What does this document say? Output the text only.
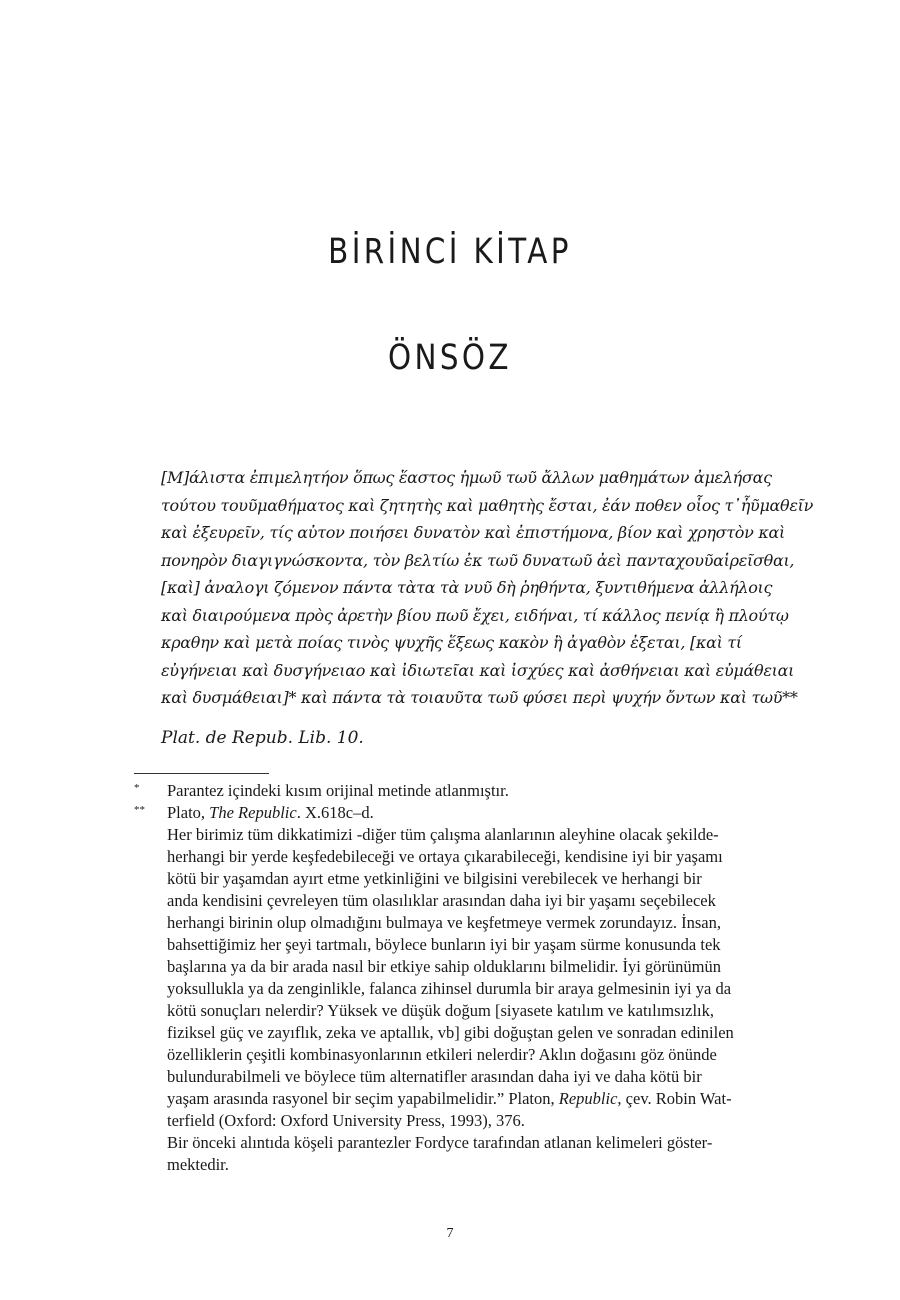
BİRİNCİ KİTAP
ÖNSÖZ
[Μ]άλιστα ἐπιμελητήον ὅπως ἕαστος ἡμωῦ τωῦ ἄλλων μαθημάτων ἀμελήσας
τούτου τουῦμαθήματος καὶ ζητητὴς καὶ μαθητὴς ἔσται, ἐάν ποθεν οἷος τ᾽ἦῦμαθεῖν
καὶ ἐξευρεῖν, τίς αὐτον ποιήσει δυνατὸν καὶ ἐπιστήμονα, βίον καὶ χρηστὸν καὶ
πονηρὸν διαγιγνώσκοντα, τὸν βελτίω ἐκ τωῦ δυνατωῦ ἀεὶ πανταχουῦαἱρεῖσθαι,
[καὶ] ἀναλογι ζόμενον πάντα τὰτα τὰ νυῦ δὴ ῥηθήντα, ξυντιθήμενα ἀλλήλοις
καὶ διαιρούμενα πρὸς ἀρετὴν βίου πωῦ ἔχει, ειδήναι, τί κάλλος πενίᾳ ἢ πλούτῳ
κραθην καὶ μετὰ ποίας τινὸς ψυχῆς ἕξεως κακὸν ἢ ἀγαθὸν ἐξεται, [καὶ τί
εὐγήνειαι καὶ δυσγήνειαο καὶ ἰδιωτεῖαι καὶ ἰσχύες καὶ ἀσθήνειαι καὶ εὐμάθειαι
καὶ δυσμάθειαι]* καὶ πάντα τὰ τοιαυῦτα τωῦ φύσει περὶ ψυχήν ὄντων καὶ τωῦ**
Plat. de Repub. Lib. 10.
*	Parantez içindeki kısım orijinal metinde atlanmıştır.
**	Plato, The Republic. X.618c–d.
Her birimiz tüm dikkatimizi -diğer tüm çalışma alanlarının aleyhine olacak şekilde-
herhangi bir yerde keşfedebileceği ve ortaya çıkarabileceği, kendisine iyi bir yaşamı
kötü bir yaşamdan ayırt etme yetkinliğini ve bilgisini verebilecek ve herhangi bir
anda kendisini çevreleyen tüm olasılıklar arasından daha iyi bir yaşamı seçebilecek
herhangi birinin olup olmadığını bulmaya ve keşfetmeye vermek zorundayız. İnsan,
bahsettiğimiz her şeyi tartmalı, böylece bunların iyi bir yaşam sürme konusunda tek
başlarına ya da bir arada nasıl bir etkiye sahip olduklarını bilmelidir. İyi görünümün
yoksullukla ya da zenginlikle, falanca zihinsel durumla bir araya gelmesinin iyi ya da
kötü sonuçları nelerdir? Yüksek ve düşük doğum [siyasete katılım ve katılımsızlık,
fiziksel güç ve zayıflık, zeka ve aptallık, vb] gibi doğuştan gelen ve sonradan edinilen
özelliklerin çeşitli kombinasyonlarının etkileri nelerdir? Aklın doğasını göz önünde
bulundurabilmeli ve böylece tüm alternatifler arasından daha iyi ve daha kötü bir
yaşam arasında rasyonel bir seçim yapabilmelidir.” Platon, Republic, çev. Robin Wat-
terfield (Oxford: Oxford University Press, 1993), 376.
Bir önceki alıntıda köşeli parantezler Fordyce tarafından atlanan kelimeleri göster-
mektedir.
7
